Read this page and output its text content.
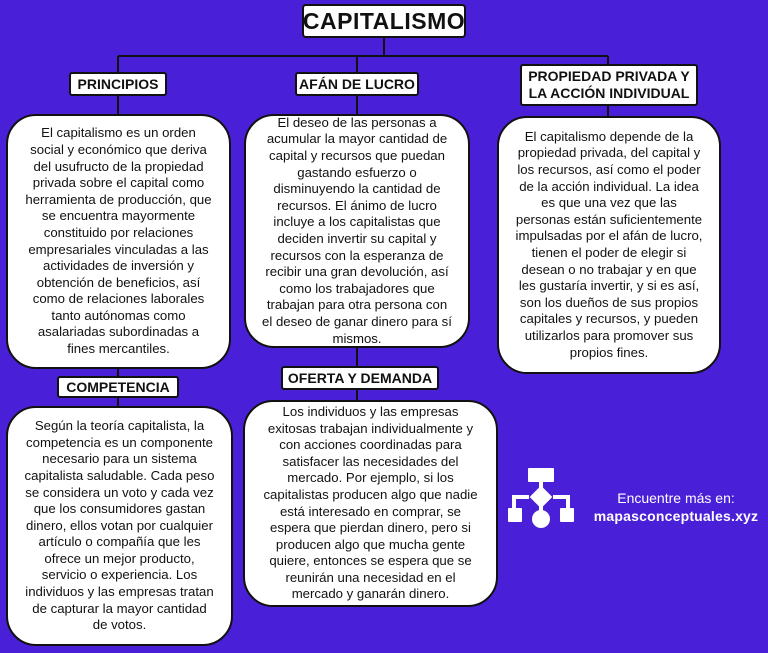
CAPITALISMO
PRINCIPIOS
El capitalismo es un orden social y económico que deriva del usufructo de la propiedad privada sobre el capital como herramienta de producción, que se encuentra mayormente constituido por relaciones empresariales vinculadas a las actividades de inversión y obtención de beneficios, así como de relaciones laborales tanto autónomas como asalariadas subordinadas a fines mercantiles.
AFÁN DE LUCRO
El deseo de las personas a acumular la mayor cantidad de capital y recursos que puedan gastando esfuerzo o disminuyendo la cantidad de recursos. El ánimo de lucro incluye a los capitalistas que deciden invertir su capital y recursos con la esperanza de recibir una gran devolución, así como los trabajadores que trabajan para otra persona con el deseo de ganar dinero para sí mismos.
PROPIEDAD PRIVADA Y
LA ACCIÓN INDIVIDUAL
El capitalismo depende de la propiedad privada, del capital y los recursos, así como el poder de la acción individual. La idea es que una vez que las personas están suficientemente impulsadas por el afán de lucro, tienen el poder de elegir si desean o no trabajar y en que les gustaría invertir, y si es así, son los dueños de sus propios capitales y recursos, y pueden utilizarlos para promover sus propios fines.
COMPETENCIA
Según la teoría capitalista, la competencia es un componente necesario para un sistema capitalista saludable. Cada peso se considera un voto y cada vez que los consumidores gastan dinero, ellos votan por cualquier artículo o compañía que les ofrece un mejor producto, servicio o experiencia. Los individuos y las empresas tratan de capturar la mayor cantidad de votos.
OFERTA Y DEMANDA
Los individuos y las empresas exitosas trabajan individualmente y con acciones coordinadas para satisfacer las necesidades del mercado. Por ejemplo, si los capitalistas producen algo que nadie está interesado en comprar, se espera que pierdan dinero, pero si producen algo que mucha gente quiere, entonces se espera que se reunirán una necesidad en el mercado y ganarán dinero.
Encuentre más en:
mapasconceptuales.xyz
